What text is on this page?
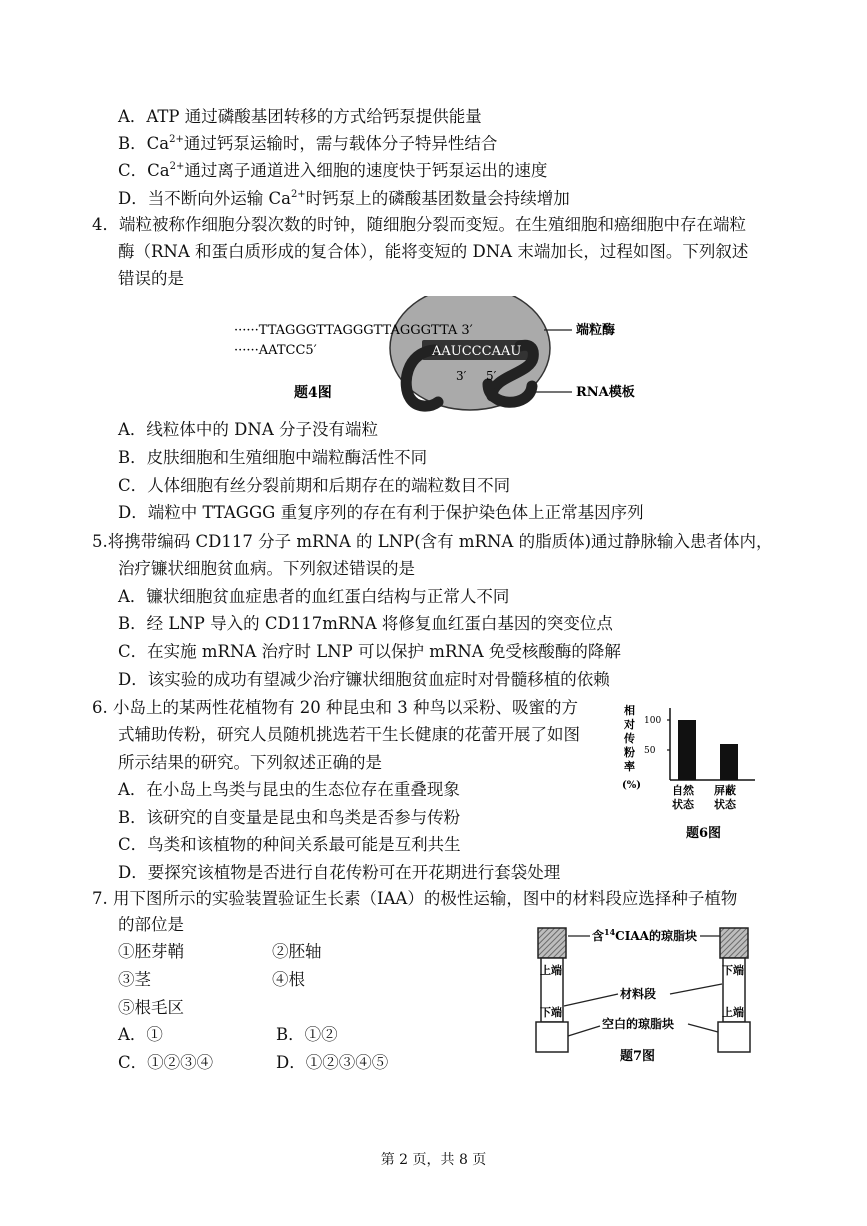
A．ATP 通过磷酸基团转移的方式给钙泵提供能量
B．$Ca^{2+}$通过钙泵运输时，需与载体分子特异性结合
C．$Ca^{2+}$通过离子通道进入细胞的速度快于钙泵运出的速度
D．当不断向外运输 $Ca^{2+}$时钙泵上的磷酸基团数量会持续增加
4．端粒被称作细胞分裂次数的时钟，随细胞分裂而变短。在生殖细胞和癌细胞中存在端粒
酶（RNA 和蛋白质形成的复合体），能将变短的 DNA 末端加长，过程如图。下列叙述
错误的是
······TTAGGGTTAGGGTTAGGGTTA 3′
······AATCC5′	AAUCCCAAU
3′ 5′
端粒酶
RNA模板
题4图
A．线粒体中的 DNA 分子没有端粒
B．皮肤细胞和生殖细胞中端粒酶活性不同
C．人体细胞有丝分裂前期和后期存在的端粒数目不同
D．端粒中 TTAGGG 重复序列的存在有利于保护染色体上正常基因序列
5.将携带编码 CD117 分子 mRNA 的 LNP(含有 mRNA 的脂质体)通过静脉输入患者体内，
治疗镰状细胞贫血病。下列叙述错误的是
A．镰状细胞贫血症患者的血红蛋白结构与正常人不同
B．经 LNP 导入的 CD117mRNA 将修复血红蛋白基因的突变位点
C．在实施 mRNA 治疗时 LNP 可以保护 mRNA 免受核酸酶的降解
D．该实验的成功有望减少治疗镰状细胞贫血症时对骨髓移植的依赖
6. 小岛上的某两性花植物有 20 种昆虫和 3 种鸟以采粉、吸蜜的方
式辅助传粉，研究人员随机挑选若干生长健康的花蕾开展了如图
所示结果的研究。下列叙述正确的是
A．在小岛上鸟类与昆虫的生态位存在重叠现象
B．该研究的自变量是昆虫和鸟类是否参与传粉
C．鸟类和该植物的种间关系最可能是互利共生
D．要探究该植物是否进行自花传粉可在开花期进行套袋处理
相
对
传
粉
率
(%)
题6图
100
50
自然
状态
屏蔽
状态
7. 用下图所示的实验装置验证生长素（IAA）的极性运输，图中的材料段应选择种子植物
的部位是
①胚芽鞘	②胚轴
③茎	④根
⑤根毛区
A．①	B．①②
C．①②③④	D．①②③④⑤
上端
下端
下端
上端
含$^{14}$CIAA的琼脂块
材料段
空白的琼脂块
题7图
第 2 页，共 8 页
